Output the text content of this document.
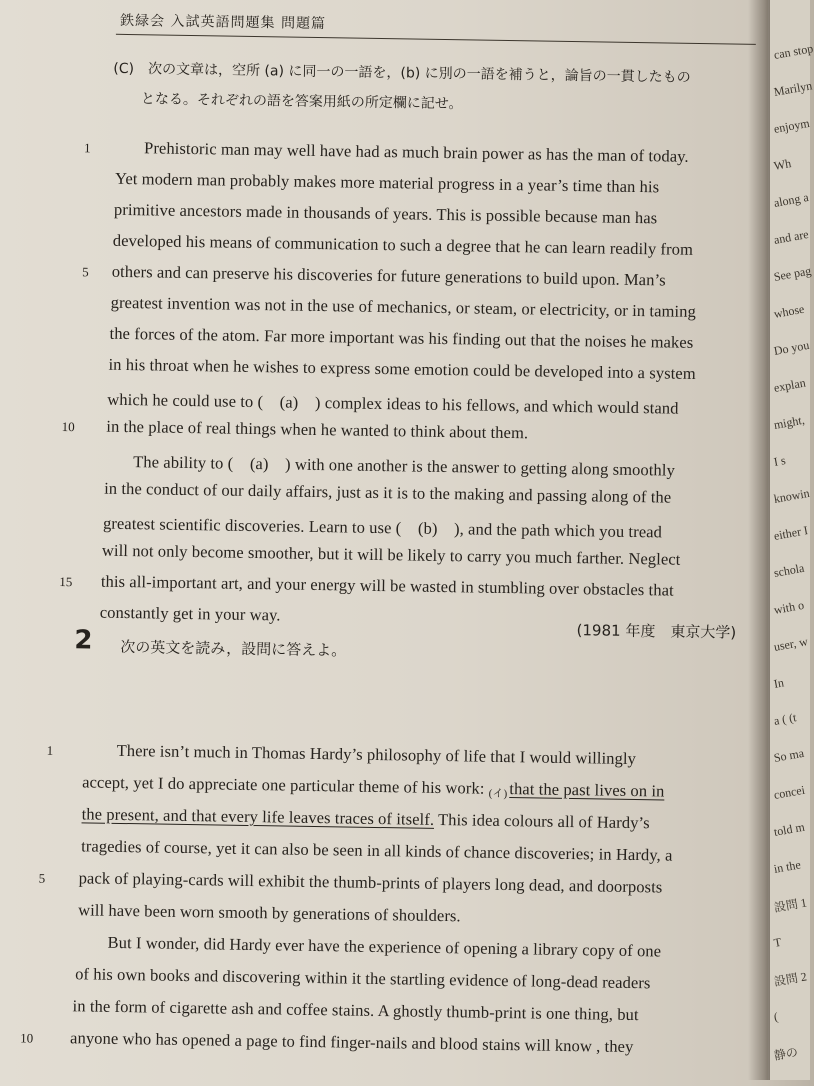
can stop
Marilyn
enjoym
Wh
along a
and are
See pag
whose
Do you
explan
might,
I s
knowin
either I
schola
with o
user, w
In
a ( (t
So ma
concei
told m
in the
設問 1
T
設問 2
(
静の
鉄緑会 入試英語問題集 問題篇
(C)　次の文章は，空所 (a) に同一の一語を，(b) に別の一語を補うと，論旨の一貫したもの
となる。それぞれの語を答案用紙の所定欄に記せ。
1	Prehistoric man may well have had as much brain power as has the man of today.
Yet modern man probably makes more material progress in a year’s time than his
primitive ancestors made in thousands of years. This is possible because man has
developed his means of communication to such a degree that he can learn readily from
5 others and can preserve his discoveries for future generations to build upon. Man’s
greatest invention was not in the use of mechanics, or steam, or electricity, or in taming
the forces of the atom. Far more important was his finding out that the noises he makes
in his throat when he wishes to express some emotion could be developed into a system
which he could use to (　(a)　) complex ideas to his fellows, and which would stand
10 in the place of real things when he wanted to think about them.
The ability to (　(a)　) with one another is the answer to getting along smoothly
in the conduct of our daily affairs, just as it is to the making and passing along of the
greatest scientific discoveries. Learn to use (　(b)　), and the path which you tread
will not only become smoother, but it will be likely to carry you much farther. Neglect
15 this all-important art, and your energy will be wasted in stumbling over obstacles that
constantly get in your way.
(1981 年度　東京大学)
2 次の英文を読み，設問に答えよ。
1	There isn’t much in Thomas Hardy’s philosophy of life that I would willingly
accept, yet I do appreciate one particular theme of his work: (イ) that the past lives on in
the present, and that every life leaves traces of itself. This idea colours all of Hardy’s
tragedies of course, yet it can also be seen in all kinds of chance discoveries; in Hardy, a
5 pack of playing-cards will exhibit the thumb-prints of players long dead, and doorposts
will have been worn smooth by generations of shoulders.
But I wonder, did Hardy ever have the experience of opening a library copy of one
of his own books and discovering within it the startling evidence of long-dead readers
in the form of cigarette ash and coffee stains. A ghostly thumb-print is one thing, but
10 anyone who has opened a page to find finger-nails and blood stains will know , they
